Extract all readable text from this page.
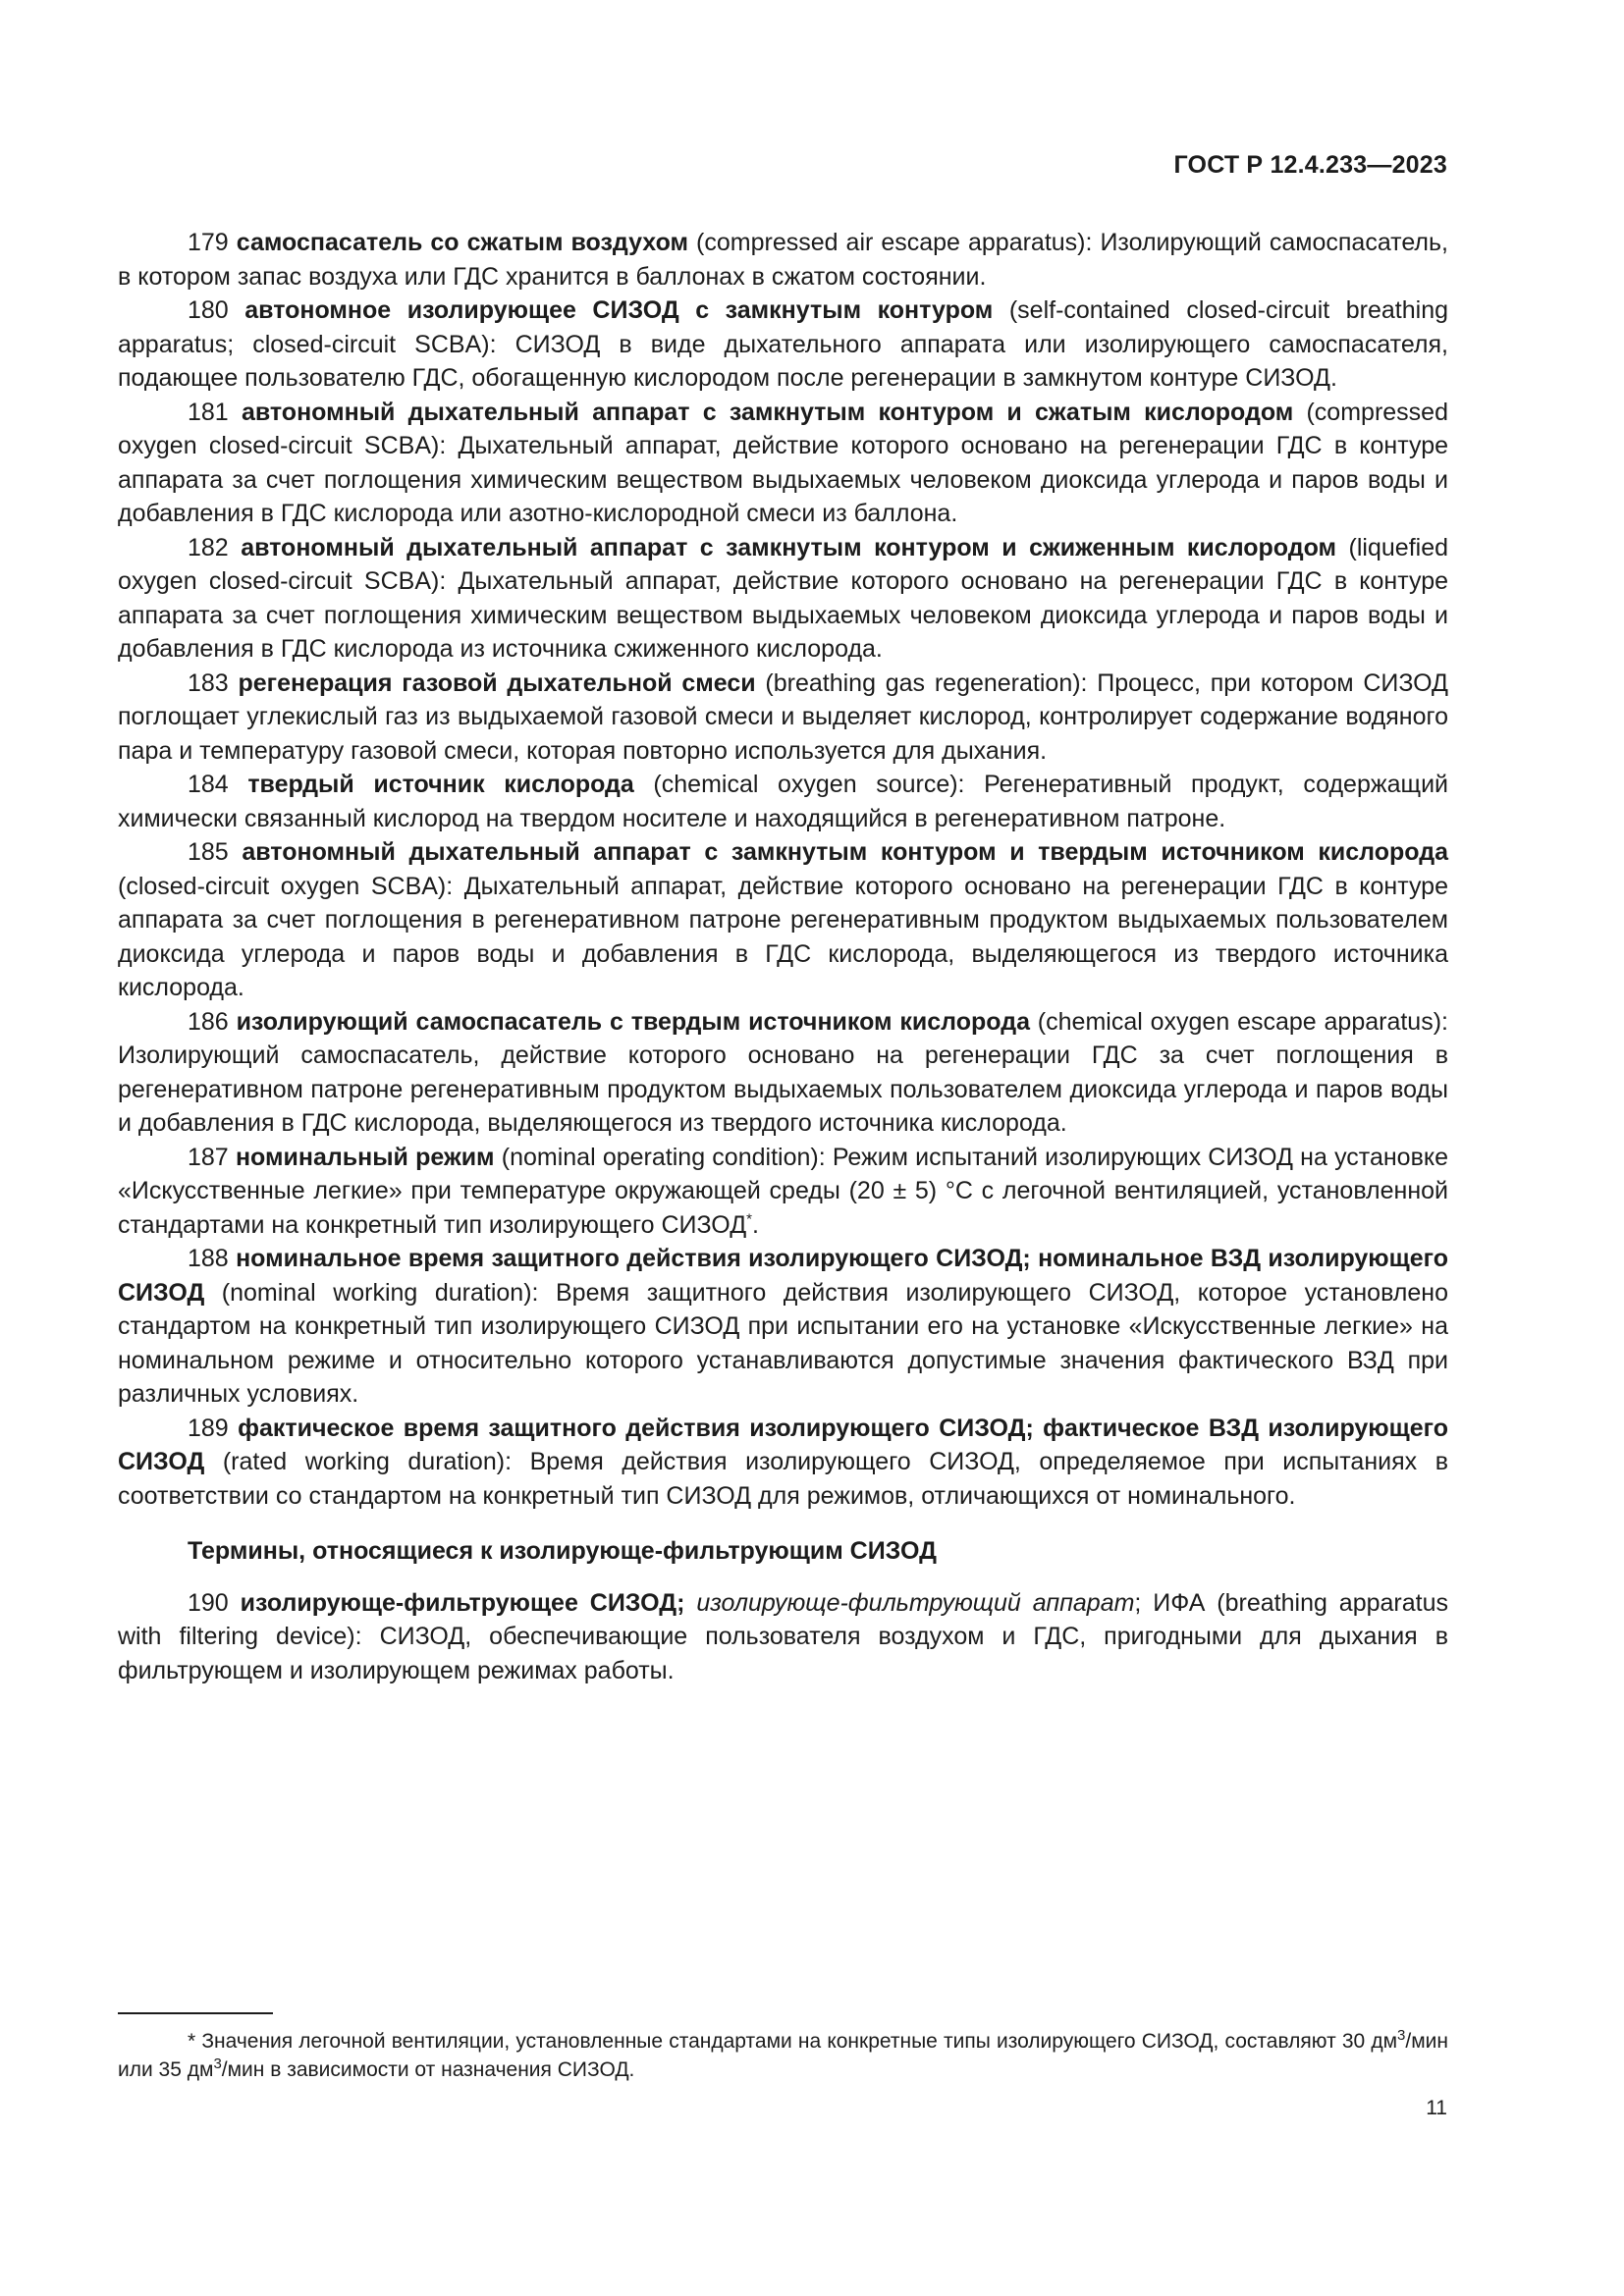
ГОСТ Р 12.4.233—2023

179 самоспасатель со сжатым воздухом (compressed air escape apparatus): Изолирующий самоспасатель, в котором запас воздуха или ГДС хранится в баллонах в сжатом состоянии.

180 автономное изолирующее СИЗОД с замкнутым контуром (self-contained closed-circuit breathing apparatus; closed-circuit SCBA): СИЗОД в виде дыхательного аппарата или изолирующего самоспасателя, подающее пользователю ГДС, обогащенную кислородом после регенерации в замкнутом контуре СИЗОД.

181 автономный дыхательный аппарат с замкнутым контуром и сжатым кислородом (compressed oxygen closed-circuit SCBA): Дыхательный аппарат, действие которого основано на регенерации ГДС в контуре аппарата за счет поглощения химическим веществом выдыхаемых человеком диоксида углерода и паров воды и добавления в ГДС кислорода или азотно-кислородной смеси из баллона.

182 автономный дыхательный аппарат с замкнутым контуром и сжиженным кислородом (liquefied oxygen closed-circuit SCBA): Дыхательный аппарат, действие которого основано на регенерации ГДС в контуре аппарата за счет поглощения химическим веществом выдыхаемых человеком диоксида углерода и паров воды и добавления в ГДС кислорода из источника сжиженного кислорода.

183 регенерация газовой дыхательной смеси (breathing gas regeneration): Процесс, при котором СИЗОД поглощает углекислый газ из выдыхаемой газовой смеси и выделяет кислород, контролирует содержание водяного пара и температуру газовой смеси, которая повторно используется для дыхания.

184 твердый источник кислорода (chemical oxygen source): Регенеративный продукт, содержащий химически связанный кислород на твердом носителе и находящийся в регенеративном патроне.

185 автономный дыхательный аппарат с замкнутым контуром и твердым источником кислорода (closed-circuit oxygen SCBA): Дыхательный аппарат, действие которого основано на регенерации ГДС в контуре аппарата за счет поглощения в регенеративном патроне регенеративным продуктом выдыхаемых пользователем диоксида углерода и паров воды и добавления в ГДС кислорода, выделяющегося из твердого источника кислорода.

186 изолирующий самоспасатель с твердым источником кислорода (chemical oxygen escape apparatus): Изолирующий самоспасатель, действие которого основано на регенерации ГДС за счет поглощения в регенеративном патроне регенеративным продуктом выдыхаемых пользователем диоксида углерода и паров воды и добавления в ГДС кислорода, выделяющегося из твердого источника кислорода.

187 номинальный режим (nominal operating condition): Режим испытаний изолирующих СИЗОД на установке «Искусственные легкие» при температуре окружающей среды (20 ± 5) °С с легочной вентиляцией, установленной стандартами на конкретный тип изолирующего СИЗОД*.

188 номинальное время защитного действия изолирующего СИЗОД; номинальное ВЗД изолирующего СИЗОД (nominal working duration): Время защитного действия изолирующего СИЗОД, которое установлено стандартом на конкретный тип изолирующего СИЗОД при испытании его на установке «Искусственные легкие» на номинальном режиме и относительно которого устанавливаются допустимые значения фактического ВЗД при различных условиях.

189 фактическое время защитного действия изолирующего СИЗОД; фактическое ВЗД изолирующего СИЗОД (rated working duration): Время действия изолирующего СИЗОД, определяемое при испытаниях в соответствии со стандартом на конкретный тип СИЗОД для режимов, отличающихся от номинального.

Термины, относящиеся к изолирующе-фильтрующим СИЗОД

190 изолирующе-фильтрующее СИЗОД; изолирующе-фильтрующий аппарат; ИФА (breathing apparatus with filtering device): СИЗОД, обеспечивающие пользователя воздухом и ГДС, пригодными для дыхания в фильтрующем и изолирующем режимах работы.

* Значения легочной вентиляции, установленные стандартами на конкретные типы изолирующего СИЗОД, составляют 30 $дм^3$/мин или 35 $дм^3$/мин в зависимости от назначения СИЗОД.
11
